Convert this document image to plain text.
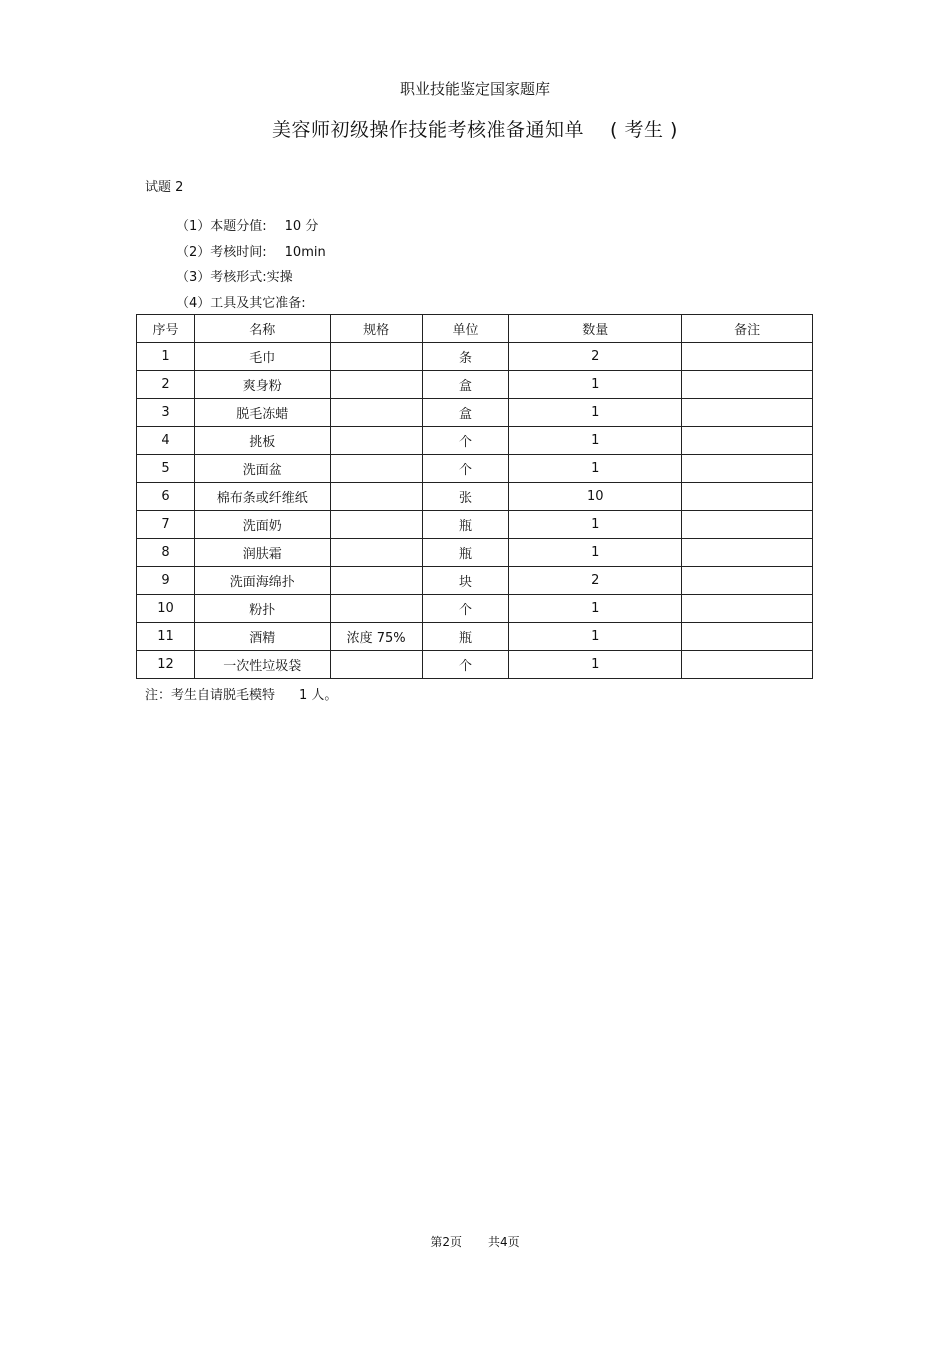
职业技能鉴定国家题库
美容师初级操作技能考核准备通知单 ( 考生 )
试题 2
（1）本题分值: 10 分
（2）考核时间: 10min
（3）考核形式:实操
（4）工具及其它准备:
序号	名称	规格	单位	数量	备注
1	毛巾		条	2	
2	爽身粉		盒	1	
3	脱毛冻蜡		盒	1	
4	挑板		个	1	
5	洗面盆		个	1	
6	棉布条或纤维纸		张	10	
7	洗面奶		瓶	1	
8	润肤霜		瓶	1	
9	洗面海绵扑		块	2	
10	粉扑		个	1	
11	酒精	浓度 75%	瓶	1	
12	一次性垃圾袋		个	1	
注：考生自请脱毛模特 1 人。
第2页 共4页
